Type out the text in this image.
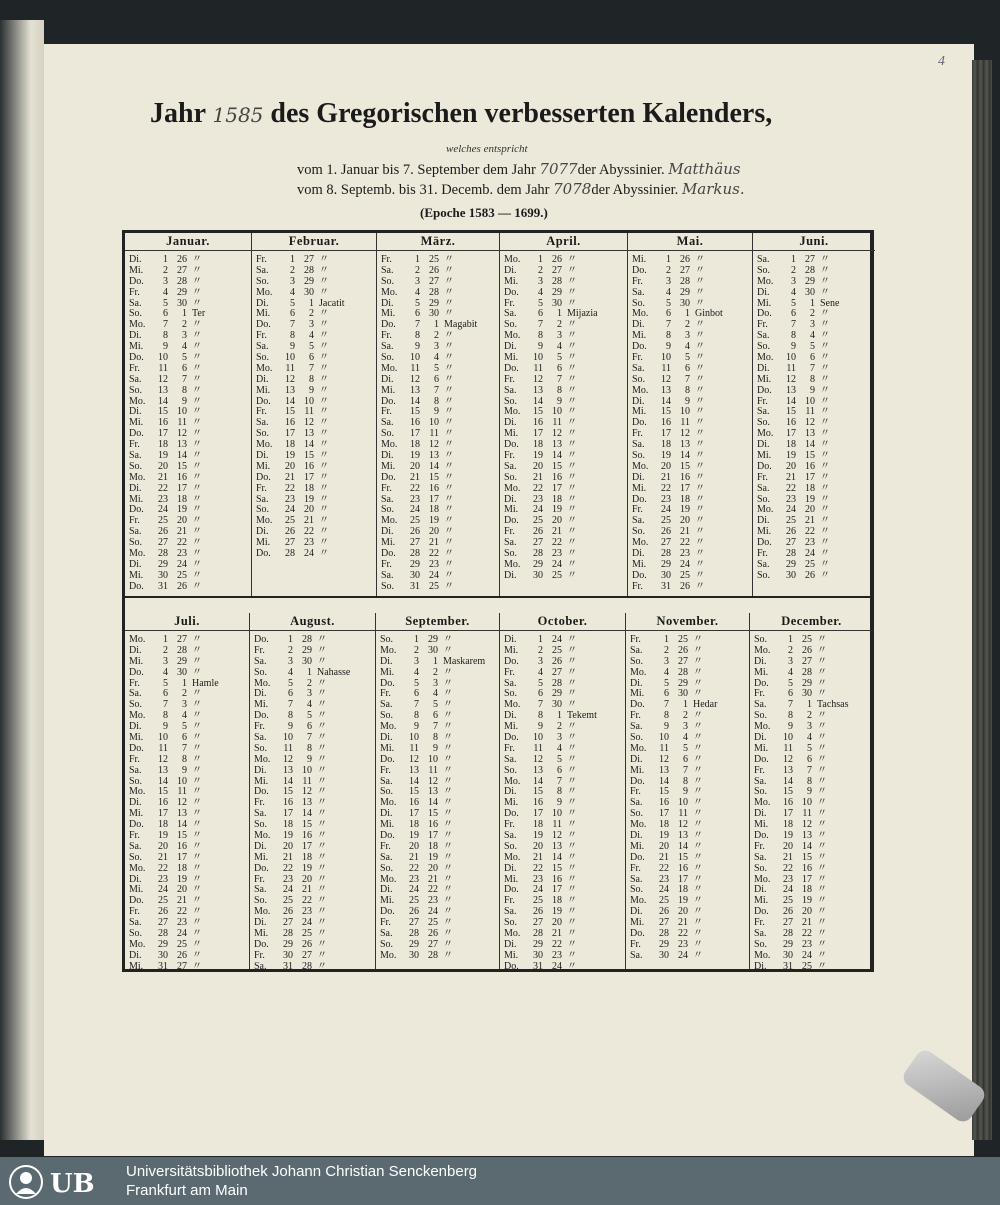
4
Jahr 1585 des Gregorischen verbesserten Kalenders,
welches entspricht
vom 1. Januar bis 7. September dem Jahr 7077der Abyssinier. Matthäus
vom 8. Septemb. bis 31. Decemb. dem Jahr 7078der Abyssinier. Markus.
(Epoche 1583 — 1699.)
Januar.
Di.	1 26 〃
Mi.	2 27 〃
Do.	3 28 〃
Fr.	4 29 〃
Sa.	5 30 〃
So.	6	1 Ter
Mo.	7	2 〃
Di.	8	3 〃
Mi.	9	4 〃
Do. 10	5 〃
Fr. 11	6 〃
Sa. 12	7 〃
So. 13	8 〃
Mo. 14	9 〃
Di. 15 10 〃
Mi. 16 11 〃
Do. 17 12 〃
Fr. 18 13 〃
Sa. 19 14 〃
So. 20 15 〃
Mo. 21 16 〃
Di. 22 17 〃
Mi. 23 18 〃
Do. 24 19 〃
Fr. 25 20 〃
Sa. 26 21 〃
So. 27 22 〃
Mo. 28 23 〃
Di. 29 24 〃
Mi. 30 25 〃
Do. 31 26 〃
Februar.
Fr.	1 27 〃
Sa.	2 28 〃
So.	3 29 〃
Mo.	4 30 〃
Di.	5	1 Jacatit
Mi.	6	2 〃
Do.	7	3 〃
Fr.	8	4 〃
Sa.	9	5 〃
So. 10	6 〃
Mo. 11	7 〃
Di. 12	8 〃
Mi. 13	9 〃
Do. 14 10 〃
Fr. 15 11 〃
Sa. 16 12 〃
So. 17 13 〃
Mo. 18 14 〃
Di. 19 15 〃
Mi. 20 16 〃
Do. 21 17 〃
Fr. 22 18 〃
Sa. 23 19 〃
So. 24 20 〃
Mo. 25 21 〃
Di. 26 22 〃
Mi. 27 23 〃
Do. 28 24 〃
März.
Fr.	1 25 〃
Sa.	2 26 〃
So.	3 27 〃
Mo.	4 28 〃
Di.	5 29 〃
Mi.	6 30 〃
Do.	7	1 Magabit
Fr.	8	2 〃
Sa.	9	3 〃
So. 10	4 〃
Mo. 11	5 〃
Di. 12	6 〃
Mi. 13	7 〃
Do. 14	8 〃
Fr. 15	9 〃
Sa. 16 10 〃
So. 17 11 〃
Mo. 18 12 〃
Di. 19 13 〃
Mi. 20 14 〃
Do. 21 15 〃
Fr. 22 16 〃
Sa. 23 17 〃
So. 24 18 〃
Mo. 25 19 〃
Di. 26 20 〃
Mi. 27 21 〃
Do. 28 22 〃
Fr. 29 23 〃
Sa. 30 24 〃
So. 31 25 〃
April.
Mo.	1 26 〃
Di.	2 27 〃
Mi.	3 28 〃
Do.	4 29 〃
Fr.	5 30 〃
Sa.	6	1 Mijazia
So.	7	2 〃
Mo.	8	3 〃
Di.	9	4 〃
Mi. 10	5 〃
Do. 11	6 〃
Fr. 12	7 〃
Sa. 13	8 〃
So. 14	9 〃
Mo. 15 10 〃
Di. 16 11 〃
Mi. 17 12 〃
Do. 18 13 〃
Fr. 19 14 〃
Sa. 20 15 〃
So. 21 16 〃
Mo. 22 17 〃
Di. 23 18 〃
Mi. 24 19 〃
Do. 25 20 〃
Fr. 26 21 〃
Sa. 27 22 〃
So. 28 23 〃
Mo. 29 24 〃
Di. 30 25 〃
Mai.
Mi.	1 26 〃
Do.	2 27 〃
Fr.	3 28 〃
Sa.	4 29 〃
So.	5 30 〃
Mo.	6	1 Ginbot
Di.	7	2 〃
Mi.	8	3 〃
Do.	9	4 〃
Fr. 10	5 〃
Sa. 11	6 〃
So. 12	7 〃
Mo. 13	8 〃
Di. 14	9 〃
Mi. 15 10 〃
Do. 16 11 〃
Fr. 17 12 〃
Sa. 18 13 〃
So. 19 14 〃
Mo. 20 15 〃
Di. 21 16 〃
Mi. 22 17 〃
Do. 23 18 〃
Fr. 24 19 〃
Sa. 25 20 〃
So. 26 21 〃
Mo. 27 22 〃
Di. 28 23 〃
Mi. 29 24 〃
Do. 30 25 〃
Fr. 31 26 〃
Juni.
Sa.	1 27 〃
So.	2 28 〃
Mo.	3 29 〃
Di.	4 30 〃
Mi.	5	1 Sene
Do.	6	2 〃
Fr.	7	3 〃
Sa.	8	4 〃
So.	9	5 〃
Mo. 10	6 〃
Di. 11	7 〃
Mi. 12	8 〃
Do. 13	9 〃
Fr. 14 10 〃
Sa. 15 11 〃
So. 16 12 〃
Mo. 17 13 〃
Di. 18 14 〃
Mi. 19 15 〃
Do. 20 16 〃
Fr. 21 17 〃
Sa. 22 18 〃
So. 23 19 〃
Mo. 24 20 〃
Di. 25 21 〃
Mi. 26 22 〃
Do. 27 23 〃
Fr. 28 24 〃
Sa. 29 25 〃
So. 30 26 〃
Juli.
Mo.	1 27 〃
Di.	2 28 〃
Mi.	3 29 〃
Do.	4 30 〃
Fr.	5	1 Hamle
Sa.	6	2 〃
So.	7	3 〃
Mo.	8	4 〃
Di.	9	5 〃
Mi. 10	6 〃
Do. 11	7 〃
Fr. 12	8 〃
Sa. 13	9 〃
So. 14 10 〃
Mo. 15 11 〃
Di. 16 12 〃
Mi. 17 13 〃
Do. 18 14 〃
Fr. 19 15 〃
Sa. 20 16 〃
So. 21 17 〃
Mo. 22 18 〃
Di. 23 19 〃
Mi. 24 20 〃
Do. 25 21 〃
Fr. 26 22 〃
Sa. 27 23 〃
So. 28 24 〃
Mo. 29 25 〃
Di. 30 26 〃
Mi. 31 27 〃
August.
Do.	1 28 〃
Fr.	2 29 〃
Sa.	3 30 〃
So.	4	1 Nahasse
Mo.	5	2 〃
Di.	6	3 〃
Mi.	7	4 〃
Do.	8	5 〃
Fr.	9	6 〃
Sa. 10	7 〃
So. 11	8 〃
Mo. 12	9 〃
Di. 13 10 〃
Mi. 14 11 〃
Do. 15 12 〃
Fr. 16 13 〃
Sa. 17 14 〃
So. 18 15 〃
Mo. 19 16 〃
Di. 20 17 〃
Mi. 21 18 〃
Do. 22 19 〃
Fr. 23 20 〃
Sa. 24 21 〃
So. 25 22 〃
Mo. 26 23 〃
Di. 27 24 〃
Mi. 28 25 〃
Do. 29 26 〃
Fr. 30 27 〃
Sa. 31 28 〃
September.
So.	1 29 〃
Mo.	2 30 〃
Di.	3	1 Maskarem
Mi.	4	2 〃
Do.	5	3 〃
Fr.	6	4 〃
Sa.	7	5 〃
So.	8	6 〃
Mo.	9	7 〃
Di. 10	8 〃
Mi. 11	9 〃
Do. 12 10 〃
Fr. 13 11 〃
Sa. 14 12 〃
So. 15 13 〃
Mo. 16 14 〃
Di. 17 15 〃
Mi. 18 16 〃
Do. 19 17 〃
Fr. 20 18 〃
Sa. 21 19 〃
So. 22 20 〃
Mo. 23 21 〃
Di. 24 22 〃
Mi. 25 23 〃
Do. 26 24 〃
Fr. 27 25 〃
Sa. 28 26 〃
So. 29 27 〃
Mo. 30 28 〃
October.
Di.	1 24 〃
Mi.	2 25 〃
Do.	3 26 〃
Fr.	4 27 〃
Sa.	5 28 〃
So.	6 29 〃
Mo.	7 30 〃
Di.	8	1 Tekemt
Mi.	9	2 〃
Do. 10	3 〃
Fr. 11	4 〃
Sa. 12	5 〃
So. 13	6 〃
Mo. 14	7 〃
Di. 15	8 〃
Mi. 16	9 〃
Do. 17 10 〃
Fr. 18 11 〃
Sa. 19 12 〃
So. 20 13 〃
Mo. 21 14 〃
Di. 22 15 〃
Mi. 23 16 〃
Do. 24 17 〃
Fr. 25 18 〃
Sa. 26 19 〃
So. 27 20 〃
Mo. 28 21 〃
Di. 29 22 〃
Mi. 30 23 〃
Do. 31 24 〃
November.
Fr.	1 25 〃
Sa.	2 26 〃
So.	3 27 〃
Mo.	4 28 〃
Di.	5 29 〃
Mi.	6 30 〃
Do.	7	1 Hedar
Fr.	8	2 〃
Sa.	9	3 〃
So. 10	4 〃
Mo. 11	5 〃
Di. 12	6 〃
Mi. 13	7 〃
Do. 14	8 〃
Fr. 15	9 〃
Sa. 16 10 〃
So. 17 11 〃
Mo. 18 12 〃
Di. 19 13 〃
Mi. 20 14 〃
Do. 21 15 〃
Fr. 22 16 〃
Sa. 23 17 〃
So. 24 18 〃
Mo. 25 19 〃
Di. 26 20 〃
Mi. 27 21 〃
Do. 28 22 〃
Fr. 29 23 〃
Sa. 30 24 〃
December.
So.	1 25 〃
Mo.	2 26 〃
Di.	3 27 〃
Mi.	4 28 〃
Do.	5 29 〃
Fr.	6 30 〃
Sa.	7	1 Tachsas
So.	8	2 〃
Mo.	9	3 〃
Di. 10	4 〃
Mi. 11	5 〃
Do. 12	6 〃
Fr. 13	7 〃
Sa. 14	8 〃
So. 15	9 〃
Mo. 16 10 〃
Di. 17 11 〃
Mi. 18 12 〃
Do. 19 13 〃
Fr. 20 14 〃
Sa. 21 15 〃
So. 22 16 〃
Mo. 23 17 〃
Di. 24 18 〃
Mi. 25 19 〃
Do. 26 20 〃
Fr. 27 21 〃
Sa. 28 22 〃
So. 29 23 〃
Mo. 30 24 〃
Di. 31 25 〃
UB Universitätsbibliothek Johann Christian Senckenberg
Frankfurt am Main
